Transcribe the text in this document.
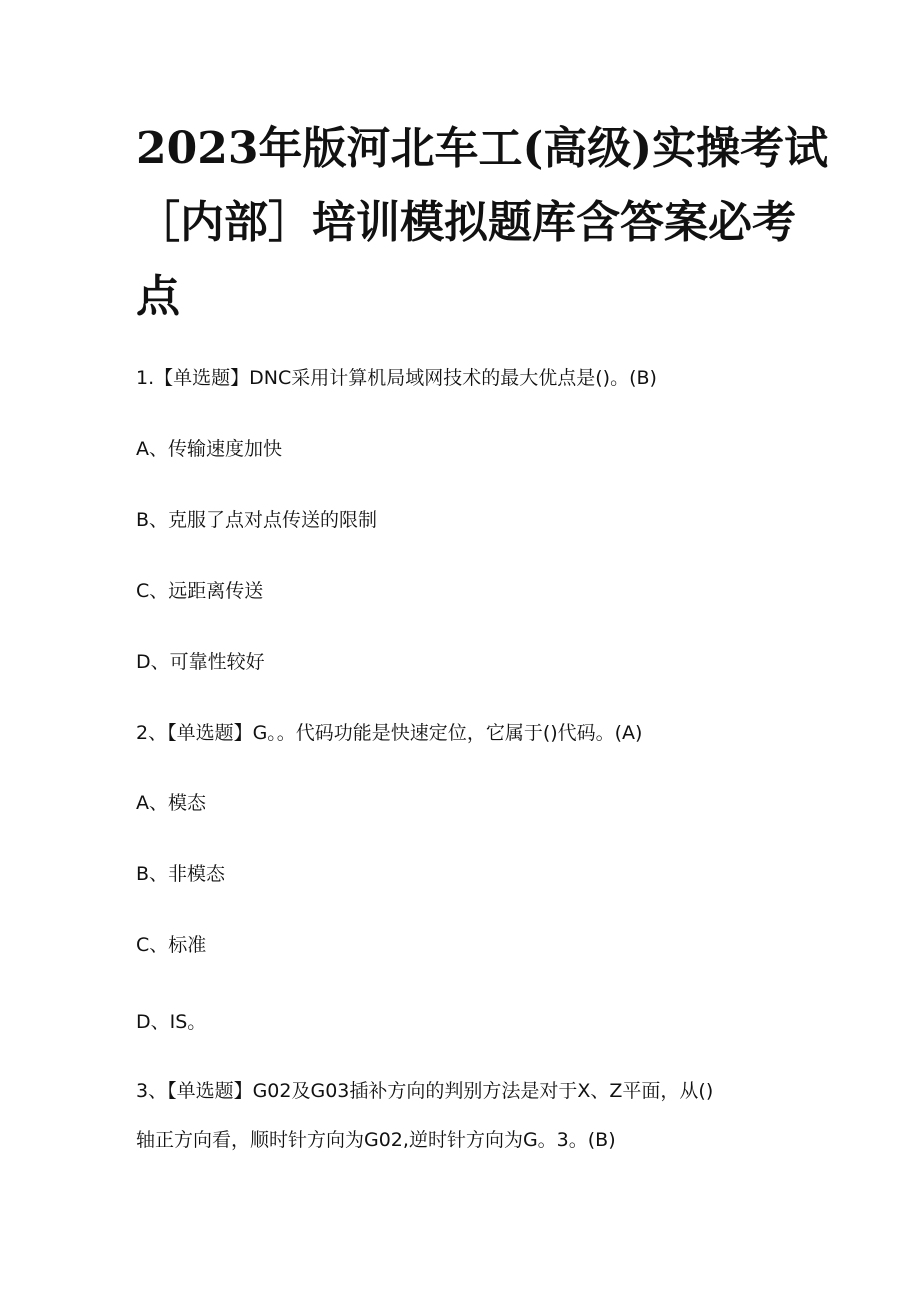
2023年版河北车工(高级)实操考试
［内部］培训模拟题库含答案必考
点

1.【单选题】DNC采用计算机局域网技术的最大优点是()。(B)

A、传输速度加快

B、克服了点对点传送的限制

C、远距离传送

D、可靠性较好

2、【单选题】G。。代码功能是快速定位，它属于()代码。(A)

A、模态

B、非模态

C、标准

D、IS。

3、【单选题】G02及G03插补方向的判别方法是对于X、Z平面，从()

轴正方向看，顺时针方向为G02,逆时针方向为G。3。(B)
